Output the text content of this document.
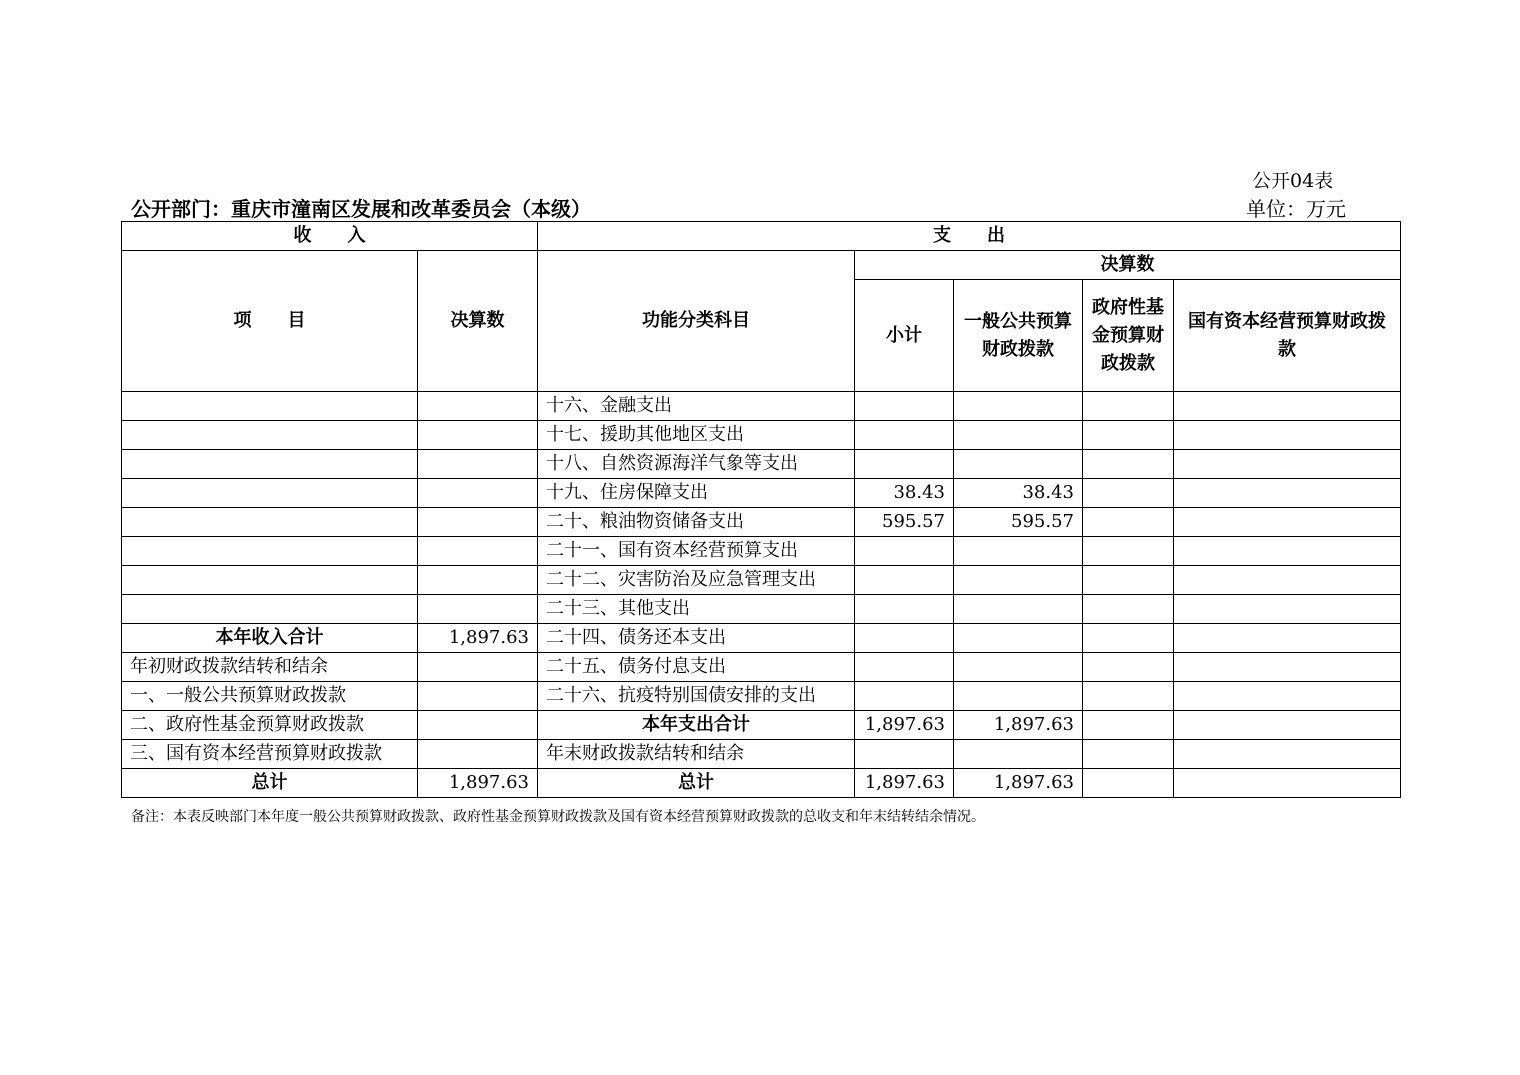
公开04表
公开部门：重庆市潼南区发展和改革委员会（本级）	单位：万元
收　　入		支　　出				
项　　目	决算数	功能分类科目	决算数			
			小计	一般公共预算财政拨款	政府性基金预算财政拨款	国有资本经营预算财政拨款
		十六、金融支出				
		十七、援助其他地区支出				
		十八、自然资源海洋气象等支出				
		十九、住房保障支出	38.43	38.43		
		二十、粮油物资储备支出	595.57	595.57		
		二十一、国有资本经营预算支出				
		二十二、灾害防治及应急管理支出				
		二十三、其他支出				
本年收入合计	1,897.63	二十四、债务还本支出				
年初财政拨款结转和结余		二十五、债务付息支出				
一、一般公共预算财政拨款		二十六、抗疫特别国债安排的支出				
二、政府性基金预算财政拨款		本年支出合计	1,897.63	1,897.63		
三、国有资本经营预算财政拨款		年末财政拨款结转和结余				
总计	1,897.63	总计	1,897.63	1,897.63		
备注：本表反映部门本年度一般公共预算财政拨款、政府性基金预算财政拨款及国有资本经营预算财政拨款的总收支和年末结转结余情况。
